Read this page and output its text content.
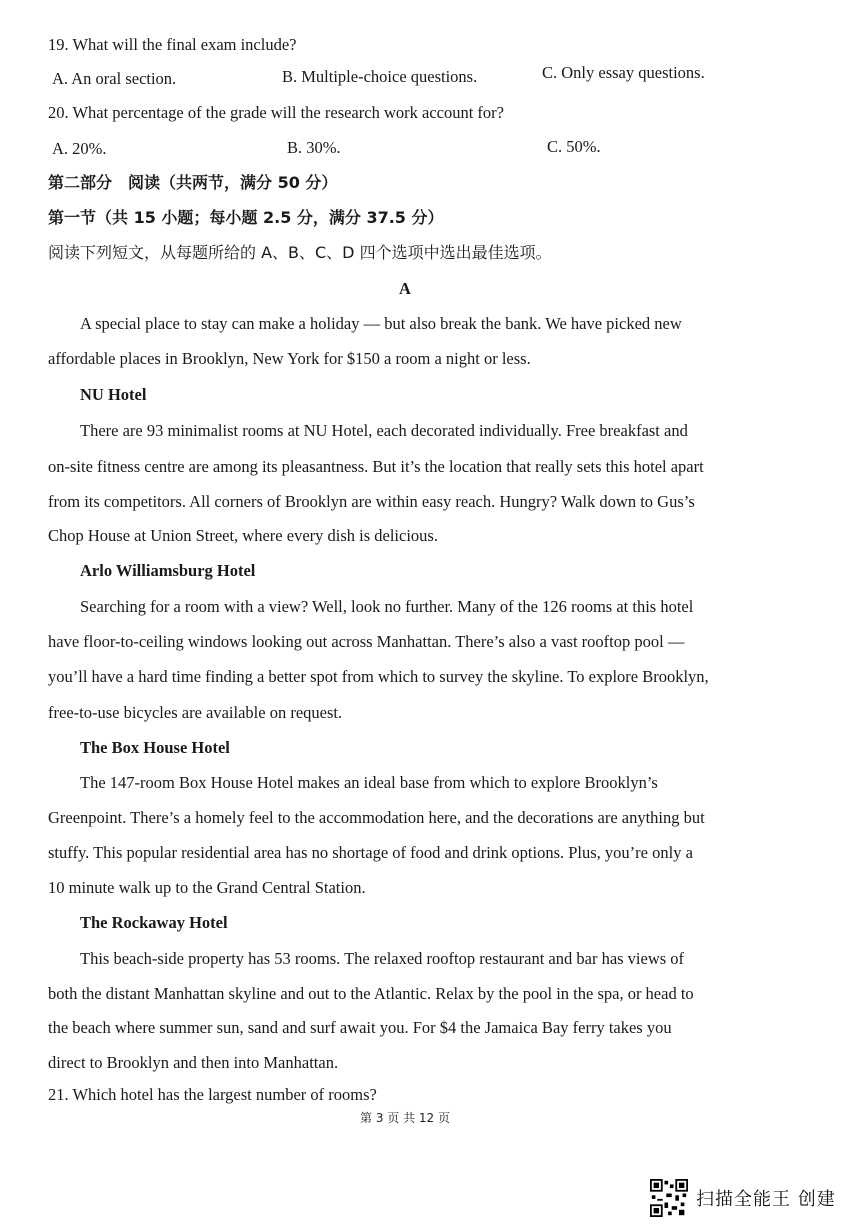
19. What will the final exam include?
A. An oral section.	B. Multiple-choice questions.	C. Only essay questions.
20. What percentage of the grade will the research work account for?
A. 20%.	B. 30%.	C. 50%.
第二部分　阅读（共两节，满分 50 分）
第一节（共 15 小题；每小题 2.5 分，满分 37.5 分）
阅读下列短文，从每题所给的 A、B、C、D 四个选项中选出最佳选项。
A
A special place to stay can make a holiday — but also break the bank. We have picked new
affordable places in Brooklyn, New York for $150 a room a night or less.
NU Hotel
There are 93 minimalist rooms at NU Hotel, each decorated individually. Free breakfast and
on-site fitness centre are among its pleasantness. But it’s the location that really sets this hotel apart
from its competitors. All corners of Brooklyn are within easy reach. Hungry? Walk down to Gus’s
Chop House at Union Street, where every dish is delicious.
Arlo Williamsburg Hotel
Searching for a room with a view? Well, look no further. Many of the 126 rooms at this hotel
have floor-to-ceiling windows looking out across Manhattan. There’s also a vast rooftop pool —
you’ll have a hard time finding a better spot from which to survey the skyline. To explore Brooklyn,
free-to-use bicycles are available on request.
The Box House Hotel
The 147-room Box House Hotel makes an ideal base from which to explore Brooklyn’s
Greenpoint. There’s a homely feel to the accommodation here, and the decorations are anything but
stuffy. This popular residential area has no shortage of food and drink options. Plus, you’re only a
10 minute walk up to the Grand Central Station.
The Rockaway Hotel
This beach-side property has 53 rooms. The relaxed rooftop restaurant and bar has views of
both the distant Manhattan skyline and out to the Atlantic. Relax by the pool in the spa, or head to
the beach where summer sun, sand and surf await you. For $4 the Jamaica Bay ferry takes you
direct to Brooklyn and then into Manhattan.
21. Which hotel has the largest number of rooms?
第 3 页 共 12 页
扫描全能王 创建
